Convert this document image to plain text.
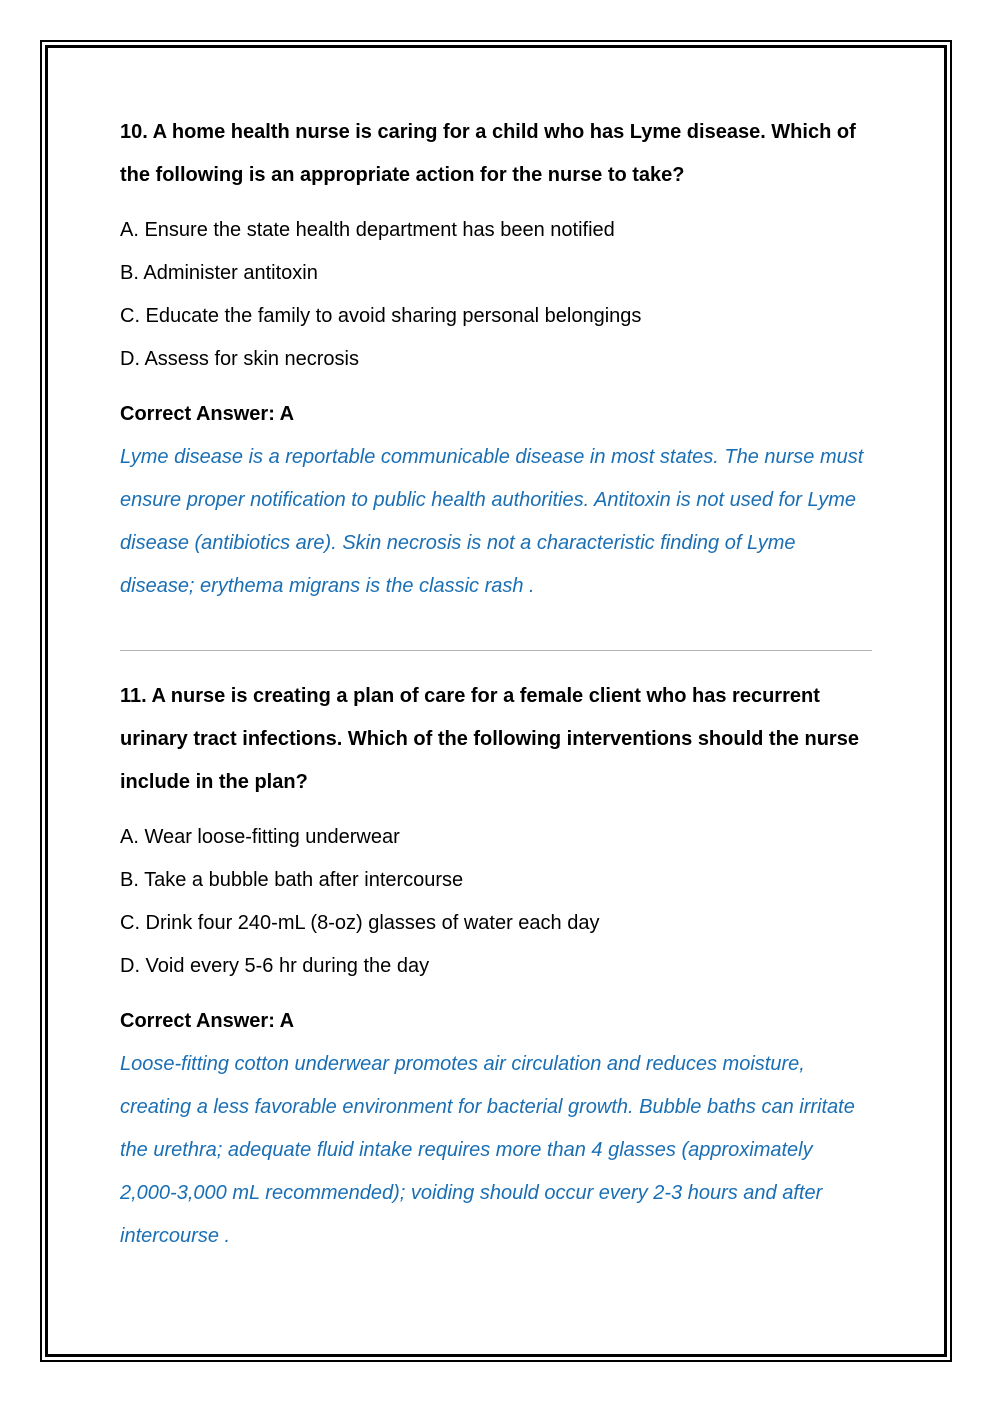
10. A home health nurse is caring for a child who has Lyme disease. Which of the following is an appropriate action for the nurse to take?

A. Ensure the state health department has been notified
B. Administer antitoxin
C. Educate the family to avoid sharing personal belongings
D. Assess for skin necrosis

Correct Answer: A

Lyme disease is a reportable communicable disease in most states. The nurse must ensure proper notification to public health authorities. Antitoxin is not used for Lyme disease (antibiotics are). Skin necrosis is not a characteristic finding of Lyme disease; erythema migrans is the classic rash .

11. A nurse is creating a plan of care for a female client who has recurrent urinary tract infections. Which of the following interventions should the nurse include in the plan?

A. Wear loose-fitting underwear
B. Take a bubble bath after intercourse
C. Drink four 240-mL (8-oz) glasses of water each day
D. Void every 5-6 hr during the day

Correct Answer: A

Loose-fitting cotton underwear promotes air circulation and reduces moisture, creating a less favorable environment for bacterial growth. Bubble baths can irritate the urethra; adequate fluid intake requires more than 4 glasses (approximately 2,000-3,000 mL recommended); voiding should occur every 2-3 hours and after intercourse .
